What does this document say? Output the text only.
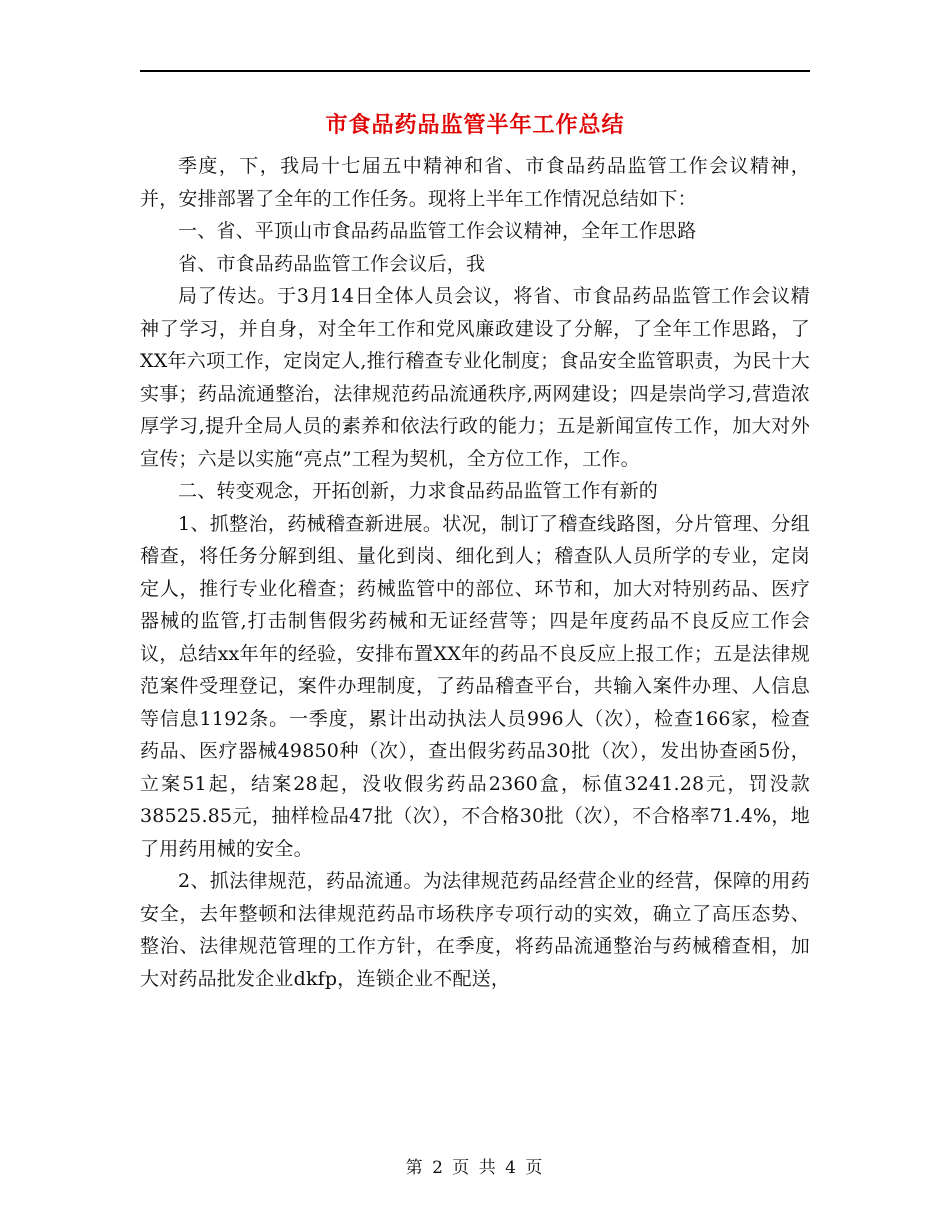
市食品药品监管半年工作总结

季度，下，我局十七届五中精神和省、市食品药品监管工作会议精神，并，安排部署了全年的工作任务。现将上半年工作情况总结如下：

一、省、平顶山市食品药品监管工作会议精神，全年工作思路

省、市食品药品监管工作会议后，我

局了传达。于3月14日全体人员会议，将省、市食品药品监管工作会议精神了学习，并自身，对全年工作和党风廉政建设了分解，了全年工作思路，了XX年六项工作，定岗定人,推行稽查专业化制度；食品安全监管职责，为民十大实事；药品流通整治，法律规范药品流通秩序,两网建设；四是崇尚学习,营造浓厚学习,提升全局人员的素养和依法行政的能力；五是新闻宣传工作，加大对外宣传；六是以实施“亮点”工程为契机，全方位工作，工作。

二、转变观念，开拓创新，力求食品药品监管工作有新的

1、抓整治，药械稽查新进展。状况，制订了稽查线路图，分片管理、分组稽查，将任务分解到组、量化到岗、细化到人；稽查队人员所学的专业，定岗定人，推行专业化稽查；药械监管中的部位、环节和，加大对特别药品、医疗器械的监管,打击制售假劣药械和无证经营等；四是年度药品不良反应工作会议，总结xx年年的经验，安排布置XX年的药品不良反应上报工作；五是法律规范案件受理登记，案件办理制度，了药品稽查平台，共输入案件办理、人信息等信息1192条。一季度，累计出动执法人员996人（次），检查166家，检查药品、医疗器械49850种（次），查出假劣药品30批（次），发出协查函5份，立案51起，结案28起，没收假劣药品2360盒，标值3241.28元，罚没款38525.85元，抽样检品47批（次），不合格30批（次），不合格率71.4%，地了用药用械的安全。

2、抓法律规范，药品流通。为法律规范药品经营企业的经营，保障的用药安全，去年整顿和法律规范药品市场秩序专项行动的实效，确立了高压态势、整治、法律规范管理的工作方针，在季度，将药品流通整治与药械稽查相，加大对药品批发企业dkfp，连锁企业不配送，

第 2 页 共 4 页
